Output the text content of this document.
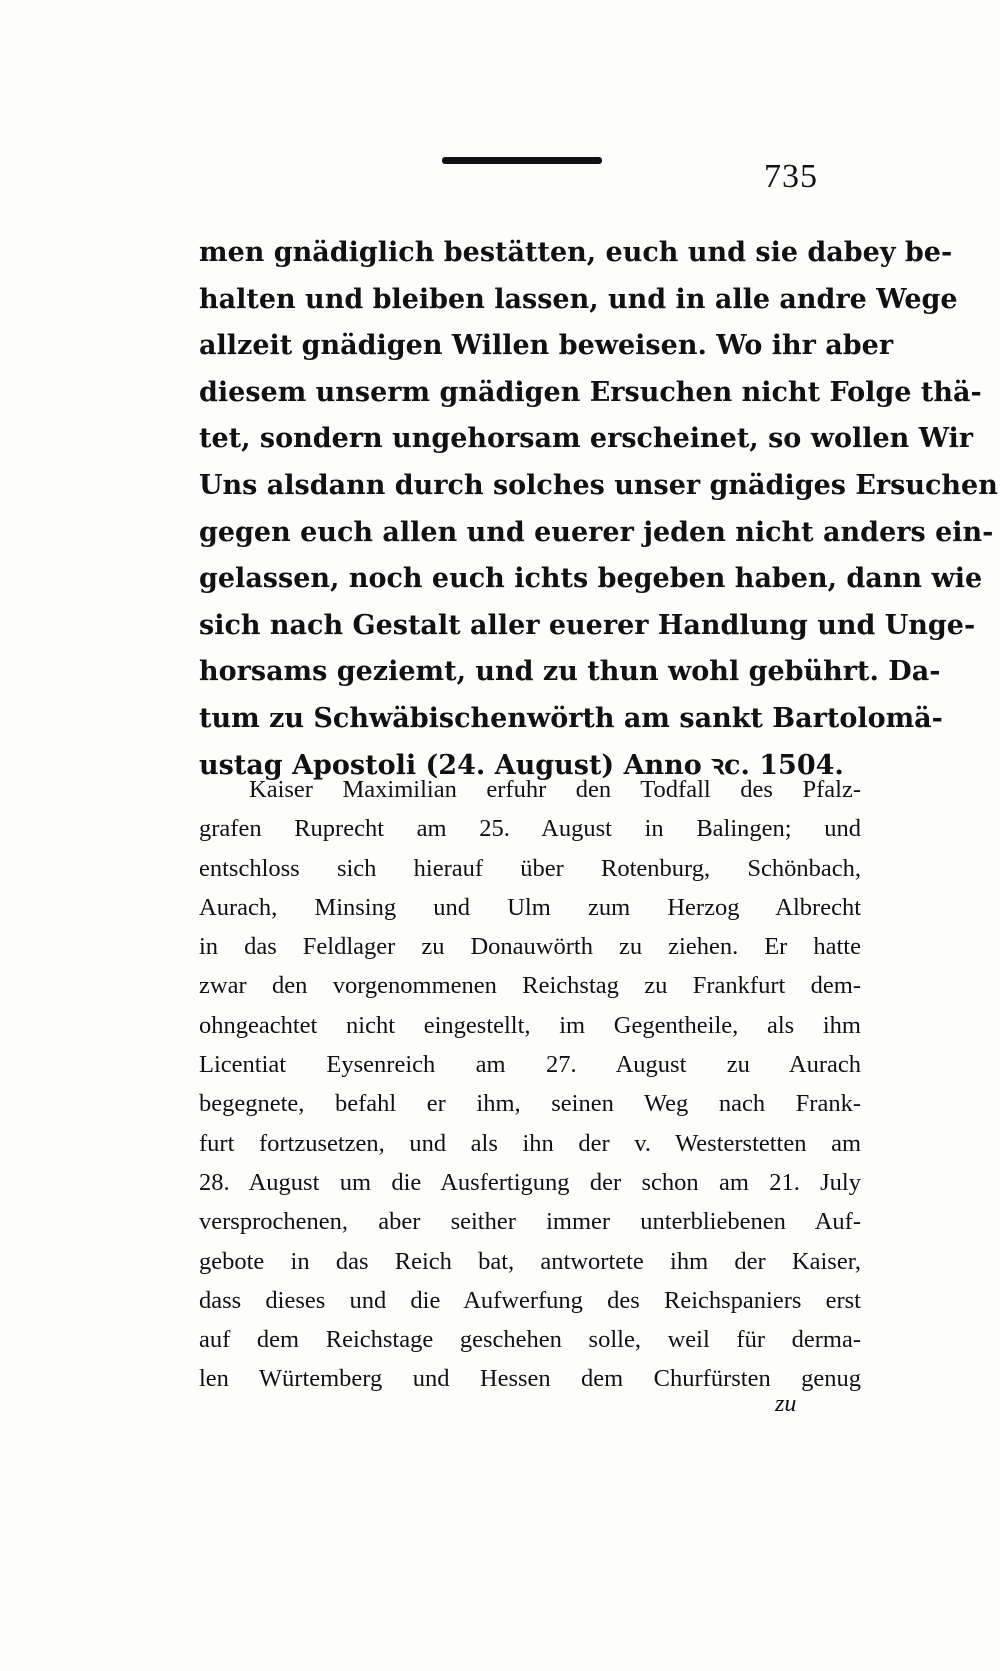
735
men gnädiglich bestätten, euch und sie dabey be-
halten und bleiben lassen, und in alle andre Wege
allzeit gnädigen Willen beweisen. Wo ihr aber
diesem unserm gnädigen Ersuchen nicht Folge thä-
tet, sondern ungehorsam erscheinet, so wollen Wir
Uns alsdann durch solches unser gnädiges Ersuchen
gegen euch allen und euerer jeden nicht anders ein-
gelassen, noch euch ichts begeben haben, dann wie
sich nach Gestalt aller euerer Handlung und Unge-
horsams geziemt, und zu thun wohl gebührt. Da-
tum zu Schwäbischenwörth am sankt Bartolomä-
ustag Apostoli (24. August) Anno ꝛc. 1504.
Kaiser Maximilian erfuhr den Todfall des Pfalz-
grafen Ruprecht am 25. August in Balingen; und
entschloss sich hierauf über Rotenburg, Schönbach,
Aurach, Minsing und Ulm zum Herzog Albrecht
in das Feldlager zu Donauwörth zu ziehen. Er hatte
zwar den vorgenommenen Reichstag zu Frankfurt dem-
ohngeachtet nicht eingestellt, im Gegentheile, als ihm
Licentiat Eysenreich am 27. August zu Aurach
begegnete, befahl er ihm, seinen Weg nach Frank-
furt fortzusetzen, und als ihn der v. Westerstetten am
28. August um die Ausfertigung der schon am 21. July
versprochenen, aber seither immer unterbliebenen Auf-
gebote in das Reich bat, antwortete ihm der Kaiser,
dass dieses und die Aufwerfung des Reichspaniers erst
auf dem Reichstage geschehen solle, weil für derma-
len Würtemberg und Hessen dem Churfürsten genug
zu
